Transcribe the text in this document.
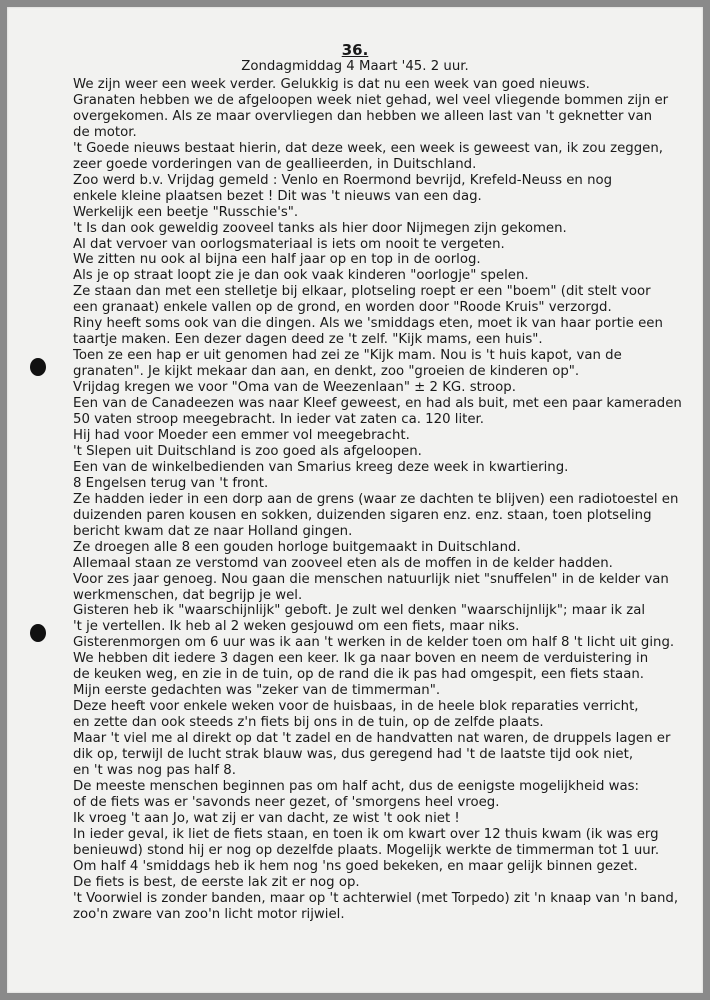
36.
Zondagmiddag 4 Maart '45. 2 uur.
We zijn weer een week verder. Gelukkig is dat nu een week van goed nieuws.
Granaten hebben we de afgeloopen week niet gehad, wel veel vliegende bommen zijn er
overgekomen. Als ze maar overvliegen dan hebben we alleen last van 't geknetter van
de motor.
't Goede nieuws bestaat hierin, dat deze week, een week is geweest van, ik zou zeggen,
zeer goede vorderingen van de geallieerden, in Duitschland.
Zoo werd b.v. Vrijdag gemeld : Venlo en Roermond bevrijd, Krefeld-Neuss en nog
enkele kleine plaatsen bezet ! Dit was 't nieuws van een dag.
Werkelijk een beetje "Russchie's".
't Is dan ook geweldig zooveel tanks als hier door Nijmegen zijn gekomen.
Al dat vervoer van oorlogsmateriaal is iets om nooit te vergeten.
We zitten nu ook al bijna een half jaar op en top in de oorlog.
Als je op straat loopt zie je dan ook vaak kinderen "oorlogje" spelen.
Ze staan dan met een stelletje bij elkaar, plotseling roept er een "boem" (dit stelt voor
een granaat) enkele vallen op de grond, en worden door "Roode Kruis" verzorgd.
Riny heeft soms ook van die dingen. Als we 'smiddags eten, moet ik van haar portie een
taartje maken. Een dezer dagen deed ze 't zelf. "Kijk mams, een huis".
Toen ze een hap er uit genomen had zei ze "Kijk mam. Nou is 't huis kapot, van de
granaten". Je kijkt mekaar dan aan, en denkt, zoo "groeien de kinderen op".
Vrijdag kregen we voor "Oma van de Weezenlaan" ± 2 KG. stroop.
Een van de Canadeezen was naar Kleef geweest, en had als buit, met een paar kameraden
50 vaten stroop meegebracht. In ieder vat zaten ca. 120 liter.
Hij had voor Moeder een emmer vol meegebracht.
't Slepen uit Duitschland is zoo goed als afgeloopen.
Een van de winkelbedienden van Smarius kreeg deze week in kwartiering.
8 Engelsen terug van 't front.
Ze hadden ieder in een dorp aan de grens (waar ze dachten te blijven) een radiotoestel en
duizenden paren kousen en sokken, duizenden sigaren enz. enz. staan, toen plotseling
bericht kwam dat ze naar Holland gingen.
Ze droegen alle 8 een gouden horloge buitgemaakt in Duitschland.
Allemaal staan ze verstomd van zooveel eten als de moffen in de kelder hadden.
Voor zes jaar genoeg. Nou gaan die menschen natuurlijk niet "snuffelen" in de kelder van
werkmenschen, dat begrijp je wel.
Gisteren heb ik "waarschijnlijk" geboft. Je zult wel denken "waarschijnlijk"; maar ik zal
't je vertellen. Ik heb al 2 weken gesjouwd om een fiets, maar niks.
Gisterenmorgen om 6 uur was ik aan 't werken in de kelder toen om half 8 't licht uit ging.
We hebben dit iedere 3 dagen een keer. Ik ga naar boven en neem de verduistering in
de keuken weg, en zie in de tuin, op de rand die ik pas had omgespit, een fiets staan.
Mijn eerste gedachten was "zeker van de timmerman".
Deze heeft voor enkele weken voor de huisbaas, in de heele blok reparaties verricht,
en zette dan ook steeds z'n fiets bij ons in de tuin, op de zelfde plaats.
Maar 't viel me al direkt op dat 't zadel en de handvatten nat waren, de druppels lagen er
dik op, terwijl de lucht strak blauw was, dus geregend had 't de laatste tijd ook niet,
en 't was nog pas half 8.
De meeste menschen beginnen pas om half acht, dus de eenigste mogelijkheid was:
of de fiets was er 'savonds neer gezet, of 'smorgens heel vroeg.
Ik vroeg 't aan Jo, wat zij er van dacht, ze wist 't ook niet !
In ieder geval, ik liet de fiets staan, en toen ik om kwart over 12 thuis kwam (ik was erg
benieuwd) stond hij er nog op dezelfde plaats. Mogelijk werkte de timmerman tot 1 uur.
Om half 4 'smiddags heb ik hem nog 'ns goed bekeken, en maar gelijk binnen gezet.
De fiets is best, de eerste lak zit er nog op.
't Voorwiel is zonder banden, maar op 't achterwiel (met Torpedo) zit 'n knaap van 'n band,
zoo'n zware van zoo'n licht motor rijwiel.
